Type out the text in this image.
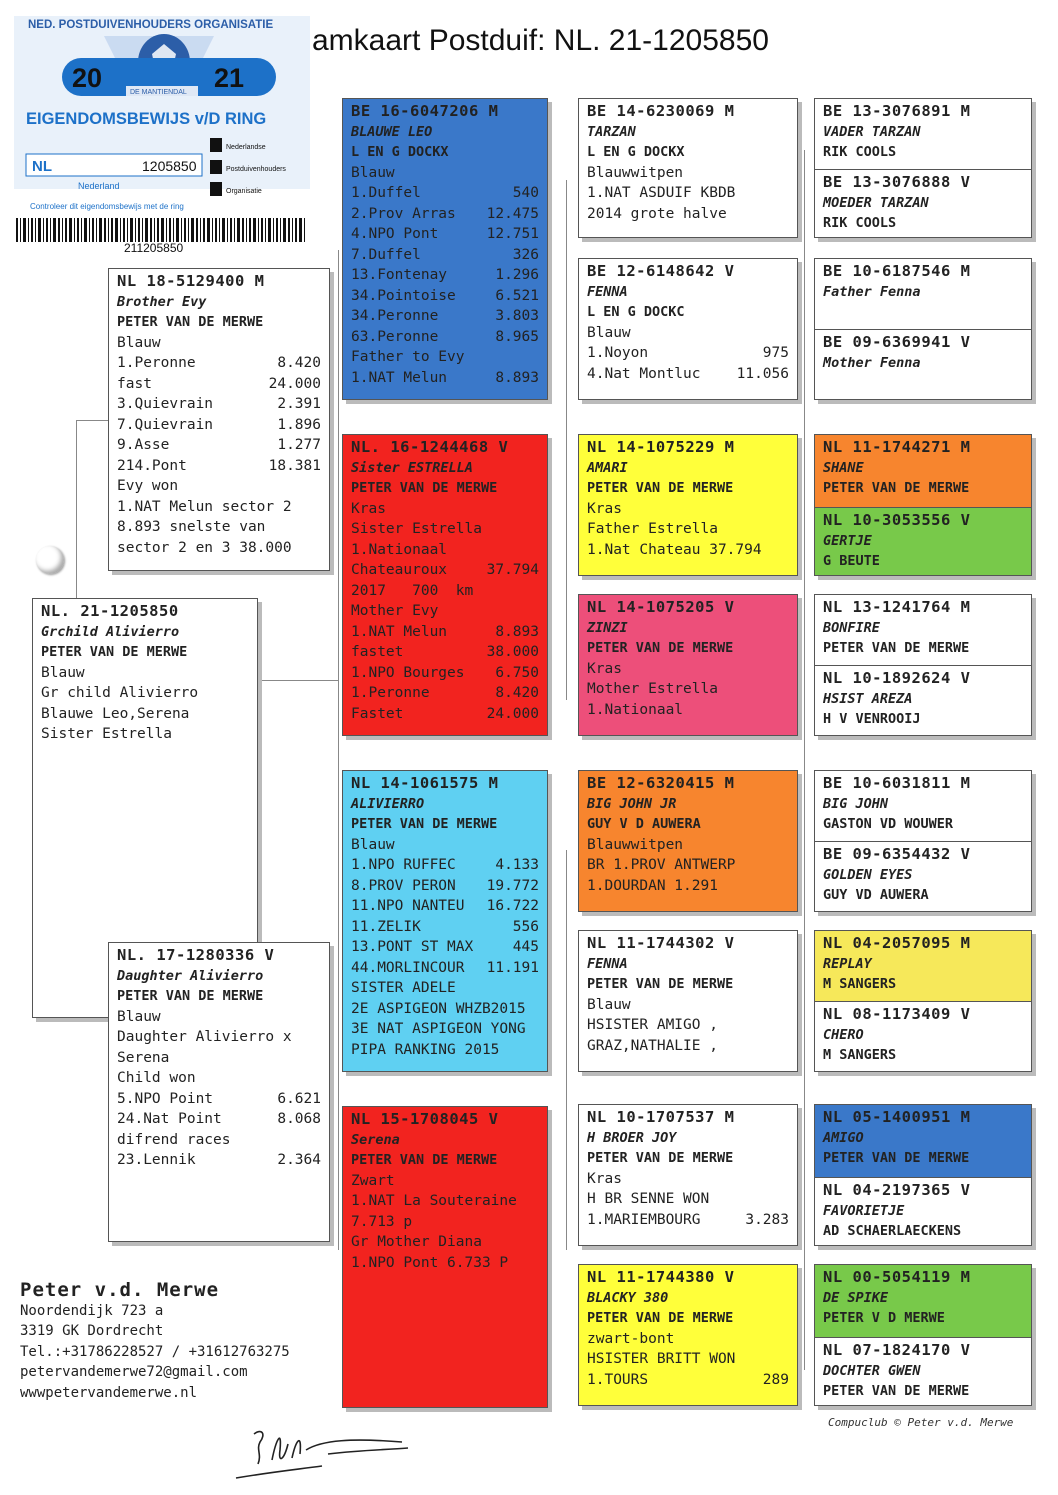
NED. POSTDUIVENHOUDERS ORGANISATIE
20	21
DE MANTIENDAL
EIGENDOMSBEWIJS v/D RING
NL	1205850
Nederlandse
Postduivenhouders
Organisatie
Nederland
Controleer dit eigendomsbewijs met de ring
211205850
amkaart Postduif: NL. 21-1205850
NL 18-5129400 M
Brother Evy
PETER VAN DE MERWE
Blauw
1.Peronne	8.420
fast	24.000
3.Quievrain	2.391
7.Quievrain	1.896
9.Asse	1.277
214.Pont	18.381
Evy won
1.NAT Melun sector 2
8.893 snelste van
sector 2 en 3 38.000
NL. 21-1205850
Grchild Alivierro
PETER VAN DE MERWE
Blauw
Gr child Alivierro
Blauwe Leo,Serena
Sister Estrella
NL. 17-1280336 V
Daughter Alivierro
PETER VAN DE MERWE
Blauw
Daughter Alivierro x
Serena
Child won
5.NPO Point	6.621
24.Nat Point	8.068
difrend races
23.Lennik	2.364
BE 16-6047206 M
BLAUWE LEO
L EN G DOCKX
Blauw
1.Duffel	540
2.Prov Arras 12.475
4.NPO Pont	12.751
7.Duffel	326
13.Fontenay	1.296
34.Pointoise	6.521
34.Peronne	3.803
63.Peronne	8.965
Father to Evy
1.NAT Melun	8.893
NL. 16-1244468 V
Sister ESTRELLA
PETER VAN DE MERWE
Kras
Sister Estrella
1.Nationaal
Chateauroux	37.794
2017   700  km
Mother Evy
1.NAT Melun	8.893
fastet	38.000
1.NPO Bourges 6.750
1.Peronne	8.420
Fastet	24.000
NL 14-1061575 M
ALIVIERRO
PETER VAN DE MERWE
Blauw
1.NPO RUFFEC	4.133
8.PROV PERON 19.772
11.NPO NANTEU 16.722
11.ZELIK	556
13.PONT ST MAX	445
44.MORLINCOUR 11.191
SISTER ADELE
2E ASPIGEON WHZB2015
3E NAT ASPIGEON YONG
PIPA RANKING 2015
NL 15-1708045 V
Serena
PETER VAN DE MERWE
Zwart
1.NAT La Souteraine
7.713 p
Gr Mother Diana
1.NPO Pont 6.733 P
BE 14-6230069 M
TARZAN
L EN G DOCKX
Blauwwitpen
1.NAT ASDUIF KBDB
2014 grote halve
BE 12-6148642 V
FENNA
L EN G DOCKC
Blauw
1.Noyon	975
4.Nat Montluc 11.056
NL 14-1075229 M
AMARI
PETER VAN DE MERWE
Kras
Father Estrella
1.Nat Chateau 37.794
NL 14-1075205 V
ZINZI
PETER VAN DE MERWE
Kras
Mother Estrella
1.Nationaal
BE 12-6320415 M
BIG JOHN JR
GUY V D AUWERA
Blauwwitpen
BR 1.PROV ANTWERP
1.DOURDAN 1.291
NL 11-1744302 V
FENNA
PETER VAN DE MERWE
Blauw
HSISTER AMIGO ,
GRAZ,NATHALIE ,
NL 10-1707537 M
H BROER JOY
PETER VAN DE MERWE
Kras
H BR SENNE WON
1.MARIEMBOURG	3.283
NL 11-1744380 V
BLACKY 380
PETER VAN DE MERWE
zwart-bont
HSISTER BRITT WON
1.TOURS	289
BE 13-3076891 M
VADER TARZAN
RIK COOLS
BE 13-3076888 V
MOEDER TARZAN
RIK COOLS
BE 10-6187546 M
Father Fenna
BE 09-6369941 V
Mother Fenna
NL 11-1744271 M
SHANE
PETER VAN DE MERWE
NL 10-3053556 V
GERTJE
G BEUTE
NL 13-1241764 M
BONFIRE
PETER VAN DE MERWE
NL 10-1892624 V
HSIST AREZA
H V VENROOIJ
BE 10-6031811 M
BIG JOHN
GASTON VD WOUWER
BE 09-6354432 V
GOLDEN EYES
GUY VD AUWERA
NL 04-2057095 M
REPLAY
M SANGERS
NL 08-1173409 V
CHERO
M SANGERS
NL 05-1400951 M
AMIGO
PETER VAN DE MERWE
NL 04-2197365 V
FAVORIETJE
AD SCHAERLAECKENS
NL 00-5054119 M
DE SPIKE
PETER V D MERWE
NL 07-1824170 V
DOCHTER GWEN
PETER VAN DE MERWE
Peter v.d. Merwe
Noordendijk 723 a
3319 GK Dordrecht
Tel.:+31786228527 / +31612763275
petervandemerwe72@gmail.com
wwwpetervandemerwe.nl
Compuclub © Peter v.d. Merwe
